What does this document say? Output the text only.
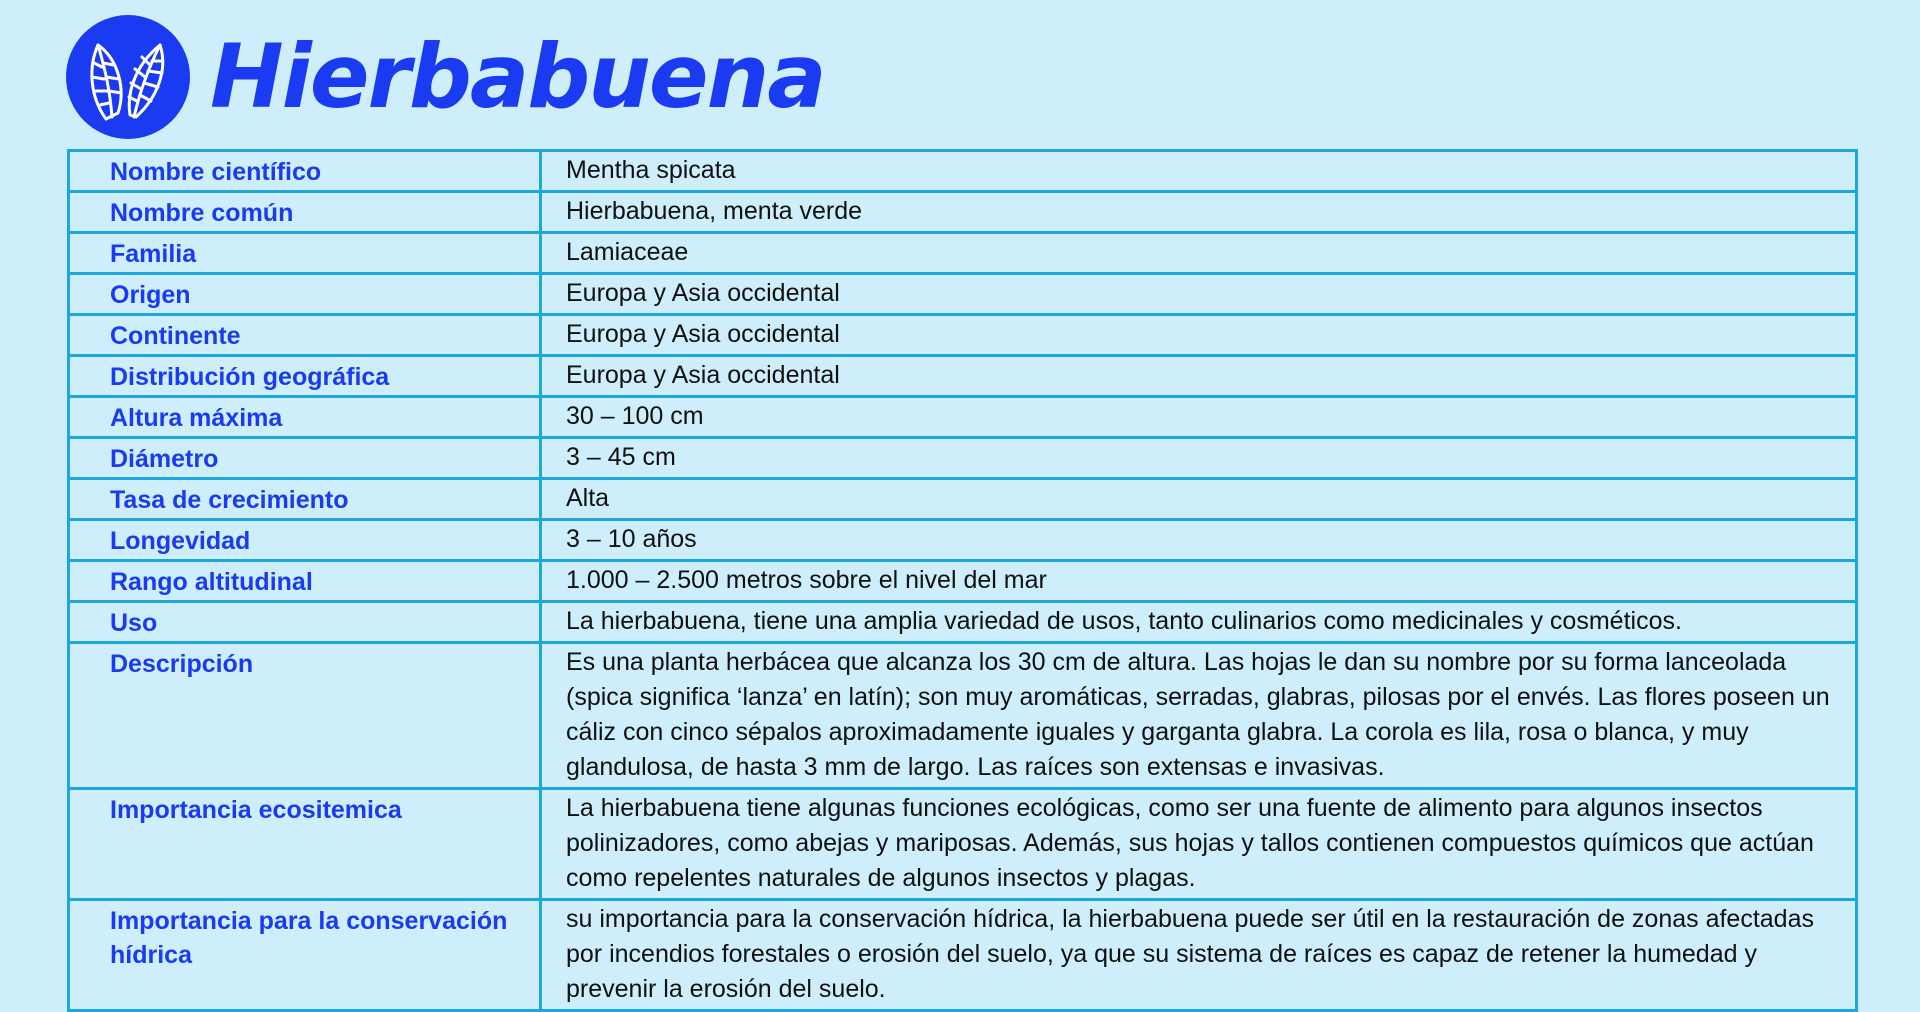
Hierbabuena
Nombre científico	Mentha spicata
Nombre común	Hierbabuena, menta verde
Familia	Lamiaceae
Origen	Europa y Asia occidental
Continente	Europa y Asia occidental
Distribución geográfica	Europa y Asia occidental
Altura máxima	30 – 100 cm
Diámetro	3 – 45 cm
Tasa de crecimiento	Alta
Longevidad	3 – 10 años
Rango altitudinal	1.000 – 2.500 metros sobre el nivel del mar
Uso	La hierbabuena, tiene una amplia variedad de usos, tanto culinarios como medicinales y cosméticos.
Descripción	Es una planta herbácea que alcanza los 30 cm de altura. Las hojas le dan su nombre por su forma lanceolada (spica significa ‘lanza’ en latín); son muy aromáticas, serradas, glabras, pilosas por el envés. Las flores poseen un cáliz con cinco sépalos aproximadamente iguales y garganta glabra. La corola es lila, rosa o blanca, y muy glandulosa, de hasta 3 mm de largo. Las raíces son extensas e invasivas.
Importancia ecositemica	La hierbabuena tiene algunas funciones ecológicas, como ser una fuente de alimento para algunos insectos polinizadores, como abejas y mariposas. Además, sus hojas y tallos contienen compuestos químicos que actúan como repelentes naturales de algunos insectos y plagas.
Importancia para la conservación hídrica	su importancia para la conservación hídrica, la hierbabuena puede ser útil en la restauración de zonas afectadas por incendios forestales o erosión del suelo, ya que su sistema de raíces es capaz de retener la humedad y prevenir la erosión del suelo.
